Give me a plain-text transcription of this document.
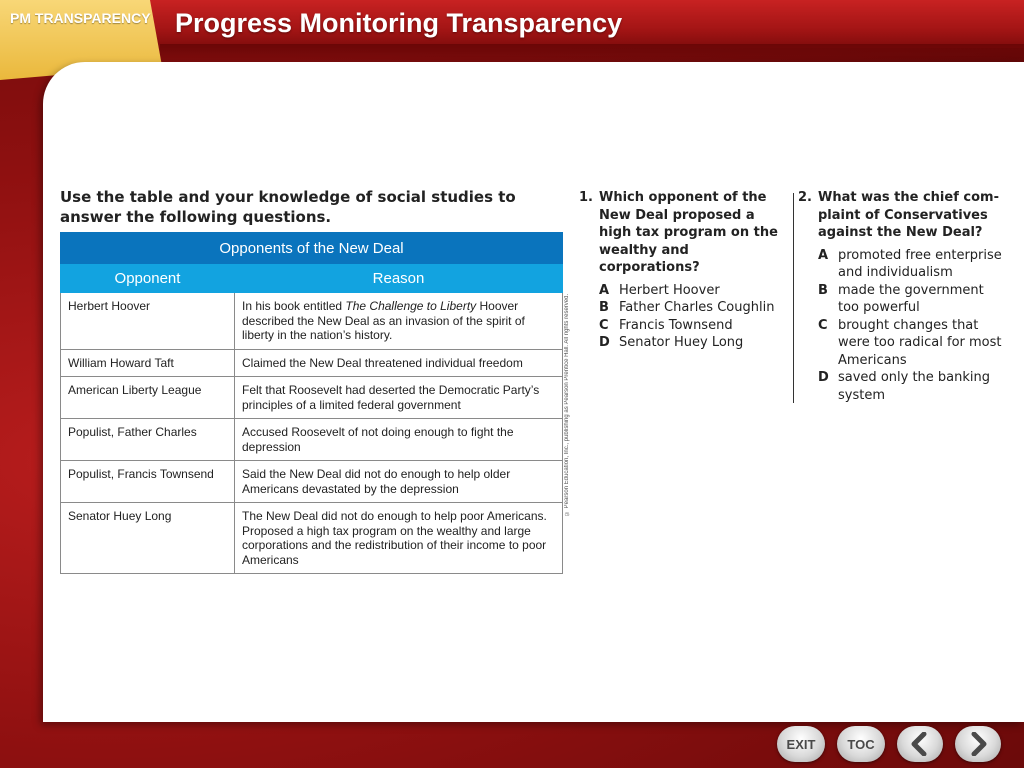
PM TRANSPARENCY Progress Monitoring Transparency
Use the table and your knowledge of social studies to answer the following questions.
Opponents of the New Deal	
Opponent	Reason
Herbert Hoover	In his book entitled The Challenge to Liberty Hoover described the New Deal as an invasion of the spirit of liberty in the nation’s history.
William Howard Taft	Claimed the New Deal threatened individual freedom
American Liberty League	Felt that Roosevelt had deserted the Democratic Party’s principles of a limited federal government
Populist, Father Charles	Accused Roosevelt of not doing enough to fight the depression
Populist, Francis Townsend	Said the New Deal did not do enough to help older Americans devastated by the depression
Senator Huey Long	The New Deal did not do enough to help poor Americans. Proposed a high tax program on the wealthy and large corporations and the redistribution of their income to poor Americans
© Pearson Education, Inc., publishing as Pearson Prentice Hall. All rights reserved.
1. Which opponent of the New Deal proposed a high tax program on the wealthy and corporations?
A Herbert Hoover
B Father Charles Coughlin
C Francis Townsend
D Senator Huey Long
2. What was the chief com-plaint of Conservatives against the New Deal?
A promoted free enterprise and individualism
B made the government too powerful
C brought changes that were too radical for most Americans
D saved only the banking system
EXIT	TOC
